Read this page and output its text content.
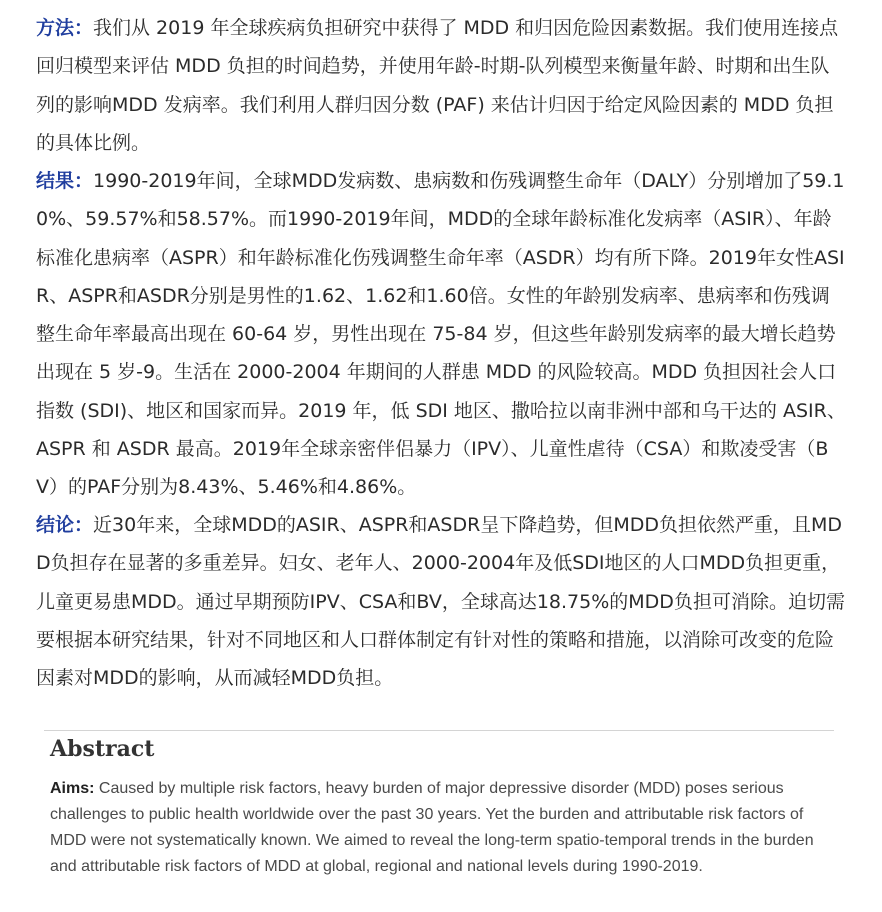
方法：我们从 2019 年全球疾病负担研究中获得了 MDD 和归因危险因素数据。我们使用连接点回归模型来评估 MDD 负担的时间趋势，并使用年龄-时期-队列模型来衡量年龄、时期和出生队列的影响MDD 发病率。我们利用人群归因分数 (PAF) 来估计归因于给定风险因素的 MDD 负担的具体比例。

结果：1990-2019年间，全球MDD发病数、患病数和伤残调整生命年（DALY）分别增加了59.10%、59.57%和58.57%。而1990-2019年间，MDD的全球年龄标准化发病率（ASIR）、年龄标准化患病率（ASPR）和年龄标准化伤残调整生命年率（ASDR）均有所下降。2019年女性ASIR、ASPR和ASDR分别是男性的1.62、1.62和1.60倍。女性的年龄别发病率、患病率和伤残调整生命年率最高出现在 60-64 岁，男性出现在 75-84 岁，但这些年龄别发病率的最大增长趋势出现在 5 岁-9。生活在 2000-2004 年期间的人群患 MDD 的风险较高。MDD 负担因社会人口指数 (SDI)、地区和国家而异。2019 年，低 SDI 地区、撒哈拉以南非洲中部和乌干达的 ASIR、ASPR 和 ASDR 最高。2019年全球亲密伴侣暴力（IPV）、儿童性虐待（CSA）和欺凌受害（BV）的PAF分别为8.43%、5.46%和4.86%。

结论：近30年来，全球MDD的ASIR、ASPR和ASDR呈下降趋势，但MDD负担依然严重，且MDD负担存在显著的多重差异。妇女、老年人、2000-2004年及低SDI地区的人口MDD负担更重，儿童更易患MDD。通过早期预防IPV、CSA和BV，全球高达18.75%的MDD负担可消除。迫切需要根据本研究结果，针对不同地区和人口群体制定有针对性的策略和措施，以消除可改变的危险因素对MDD的影响，从而减轻MDD负担。

Abstract
Aims: Caused by multiple risk factors, heavy burden of major depressive disorder (MDD) poses serious challenges to public health worldwide over the past 30 years. Yet the burden and attributable risk factors of MDD were not systematically known. We aimed to reveal the long-term spatio-temporal trends in the burden and attributable risk factors of MDD at global, regional and national levels during 1990-2019.
